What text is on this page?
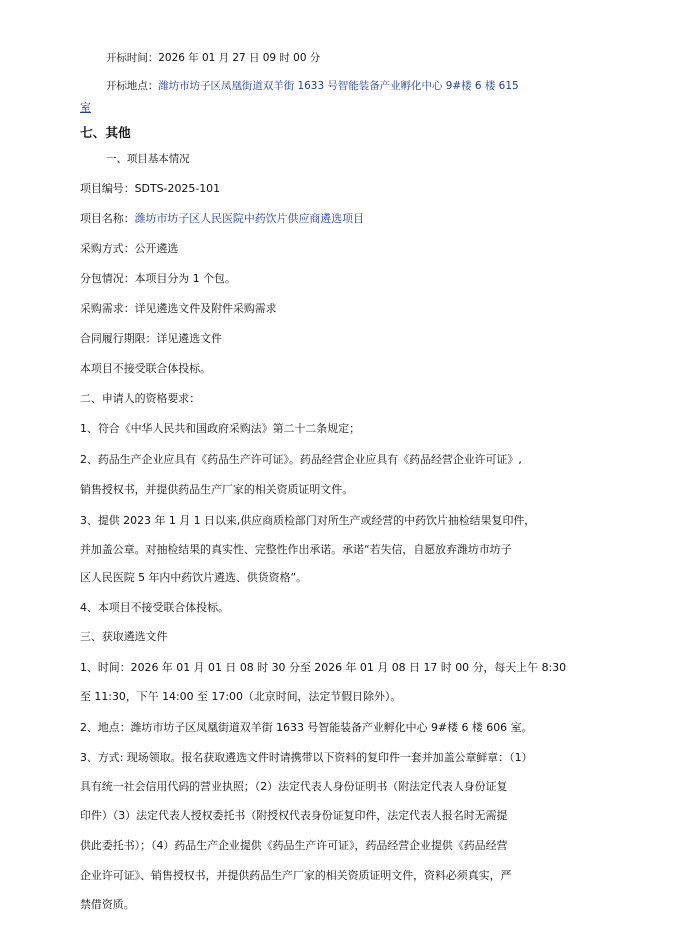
开标时间：2026 年 01 月 27 日 09 时 00 分
开标地点：潍坊市坊子区凤凰街道双羊街 1633 号智能装备产业孵化中心 9#楼 6 楼 615
室
七、其他
一、项目基本情况
项目编号：SDTS-2025-101
项目名称：潍坊市坊子区人民医院中药饮片供应商遴选项目
采购方式：公开遴选
分包情况：本项目分为 1 个包。
采购需求：详见遴选文件及附件采购需求
合同履行期限：详见遴选文件
本项目不接受联合体投标。
二、申请人的资格要求：
1、符合《中华人民共和国政府采购法》第二十二条规定；
2、药品生产企业应具有《药品生产许可证》。药品经营企业应具有《药品经营企业许可证》,
销售授权书，并提供药品生产厂家的相关资质证明文件。
3、提供 2023 年 1 月 1 日以来,供应商质检部门对所生产或经营的中药饮片抽检结果复印件，
并加盖公章。对抽检结果的真实性、完整性作出承诺。承诺“若失信，自愿放弃潍坊市坊子
区人民医院 5 年内中药饮片遴选、供货资格”。
4、本项目不接受联合体投标。
三、获取遴选文件
1、时间：2026 年 01 月 01 日 08 时 30 分至 2026 年 01 月 08 日 17 时 00 分，每天上午 8:30
至 11:30，下午 14:00 至 17:00（北京时间，法定节假日除外）。
2、地点：潍坊市坊子区凤凰街道双羊街 1633 号智能装备产业孵化中心 9#楼 6 楼 606 室。
3、方式: 现场领取。报名获取遴选文件时请携带以下资料的复印件一套并加盖公章鲜章：（1）
具有统一社会信用代码的营业执照；（2）法定代表人身份证明书（附法定代表人身份证复
印件）（3）法定代表人授权委托书（附授权代表身份证复印件，法定代表人报名时无需提
供此委托书）；（4）药品生产企业提供《药品生产许可证》，药品经营企业提供《药品经营
企业许可证》、销售授权书，并提供药品生产厂家的相关资质证明文件，资料必须真实，严
禁借资质。
